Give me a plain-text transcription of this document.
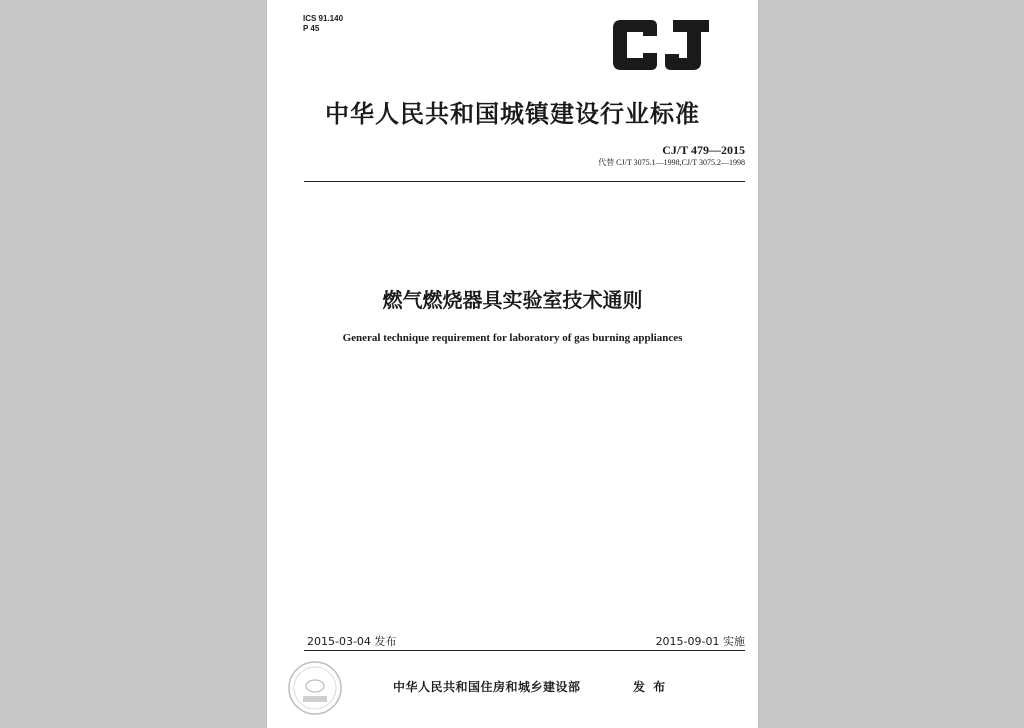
ICS 91.140
P 45
中华人民共和国城镇建设行业标准
CJ/T 479—2015
代替 CJ/T 3075.1—1998,CJ/T 3075.2—1998
燃气燃烧器具实验室技术通则
General technique requirement for laboratory of gas burning appliances
2015-03-04 发布	2015-09-01 实施
中华人民共和国住房和城乡建设部	发 布
